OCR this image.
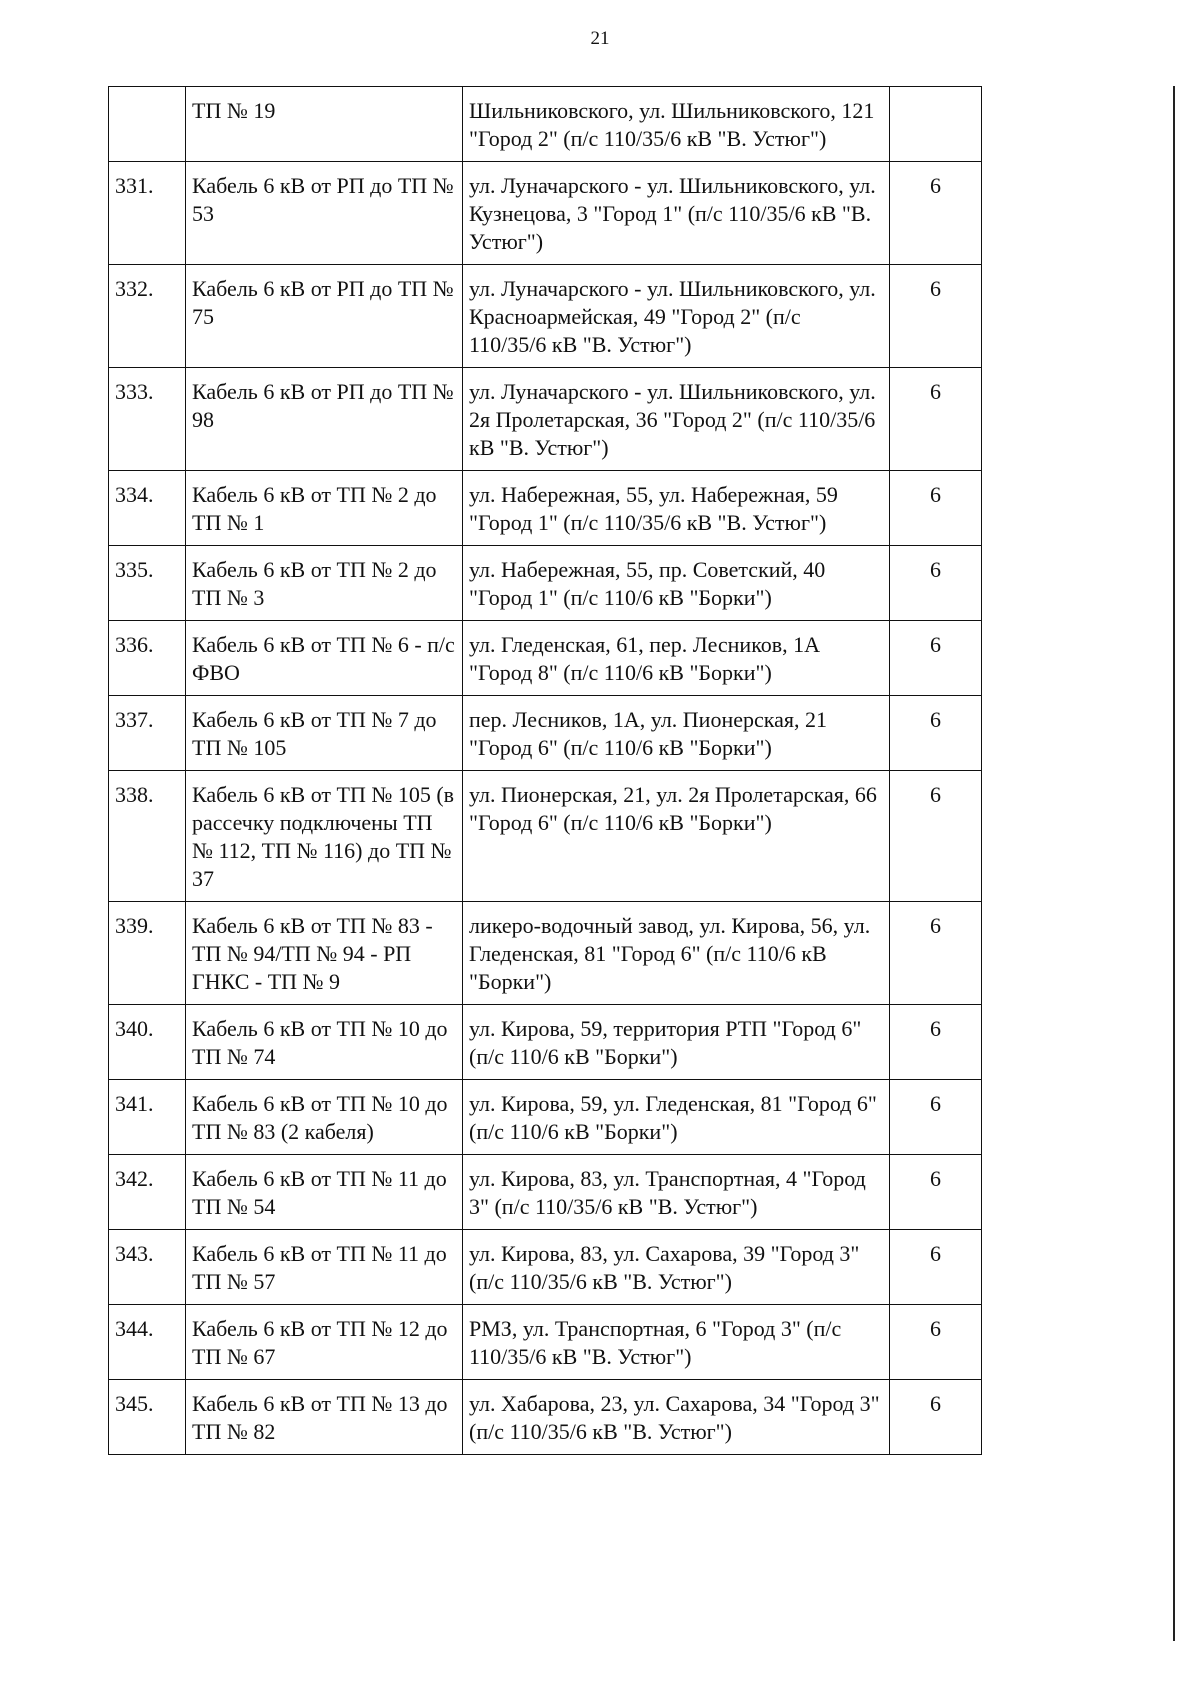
21
	ТП № 19	Шильниковского, ул. Шильниковского, 121 "Город 2" (п/с 110/35/6 кВ "В. Устюг")	
331.	Кабель 6 кВ от РП до ТП № 53	ул. Луначарского - ул. Шильниковского, ул. Кузнецова, 3 "Город 1" (п/с 110/35/6 кВ "В. Устюг")	6
332.	Кабель 6 кВ от РП до ТП № 75	ул. Луначарского - ул. Шильниковского, ул. Красноармейская, 49 "Город 2" (п/с 110/35/6 кВ "В. Устюг")	6
333.	Кабель 6 кВ от РП до ТП № 98	ул. Луначарского - ул. Шильниковского, ул. 2я Пролетарская, 36 "Город 2" (п/с 110/35/6 кВ "В. Устюг")	6
334.	Кабель 6 кВ от ТП № 2 до ТП № 1	ул. Набережная, 55, ул. Набережная, 59 "Город 1" (п/с 110/35/6 кВ "В. Устюг")	6
335.	Кабель 6 кВ от ТП № 2 до ТП № 3	ул. Набережная, 55, пр. Советский, 40 "Город 1" (п/с 110/6 кВ "Борки")	6
336.	Кабель 6 кВ от ТП № 6 - п/с ФВО	ул. Гледенская, 61, пер. Лесников, 1А "Город 8" (п/с 110/6 кВ "Борки")	6
337.	Кабель 6 кВ от ТП № 7 до ТП № 105	пер. Лесников, 1А, ул. Пионерская, 21 "Город 6" (п/с 110/6 кВ "Борки")	6
338.	Кабель 6 кВ от ТП № 105 (в рассечку подключены ТП № 112, ТП № 116) до ТП № 37	ул. Пионерская, 21, ул. 2я Пролетарская, 66 "Город 6" (п/с 110/6 кВ "Борки")	6
339.	Кабель 6 кВ от ТП № 83 - ТП № 94/ТП № 94 - РП ГНКС - ТП № 9	ликеро-водочный завод, ул. Кирова, 56, ул. Гледенская, 81 "Город 6" (п/с 110/6 кВ "Борки")	6
340.	Кабель 6 кВ от ТП № 10 до ТП № 74	ул. Кирова, 59, территория РТП "Город 6" (п/с 110/6 кВ "Борки")	6
341.	Кабель 6 кВ от ТП № 10 до ТП № 83 (2 кабеля)	ул. Кирова, 59, ул. Гледенская, 81 "Город 6" (п/с 110/6 кВ "Борки")	6
342.	Кабель 6 кВ от ТП № 11 до ТП № 54	ул. Кирова, 83, ул. Транспортная, 4 "Город 3" (п/с 110/35/6 кВ "В. Устюг")	6
343.	Кабель 6 кВ от ТП № 11 до ТП № 57	ул. Кирова, 83, ул. Сахарова, 39 "Город 3" (п/с 110/35/6 кВ "В. Устюг")	6
344.	Кабель 6 кВ от ТП № 12 до ТП № 67	РМЗ, ул. Транспортная, 6 "Город 3" (п/с 110/35/6 кВ "В. Устюг")	6
345.	Кабель 6 кВ от ТП № 13 до ТП № 82	ул. Хабарова, 23, ул. Сахарова, 34 "Город 3" (п/с 110/35/6 кВ "В. Устюг")	6
